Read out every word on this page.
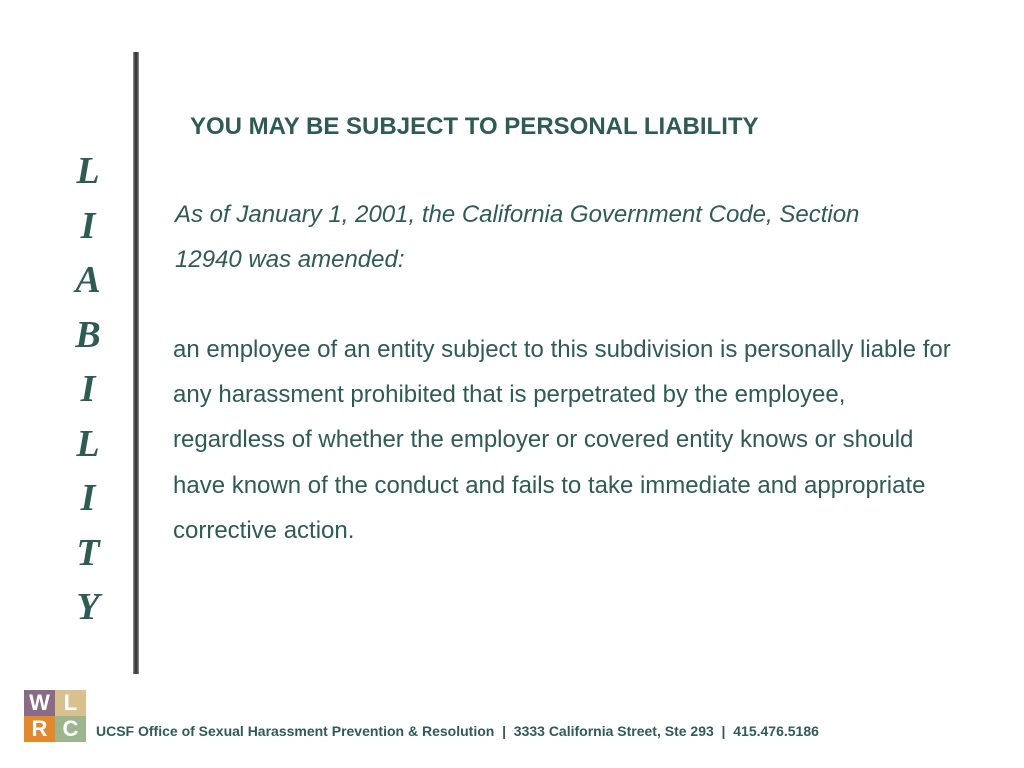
L
I
A
B
I
L
I
T
Y
YOU MAY BE SUBJECT TO PERSONAL LIABILITY
As of January 1, 2001, the California Government Code, Section 12940 was amended:
an employee of an entity subject to this subdivision is personally liable for any harassment prohibited that is perpetrated by the employee, regardless of whether the employer or covered entity knows or should have known of the conduct and fails to take immediate and appropriate corrective action.
W L
R C	UCSF Office of Sexual Harassment Prevention & Resolution  |  3333 California Street, Ste 293  |  415.476.5186
